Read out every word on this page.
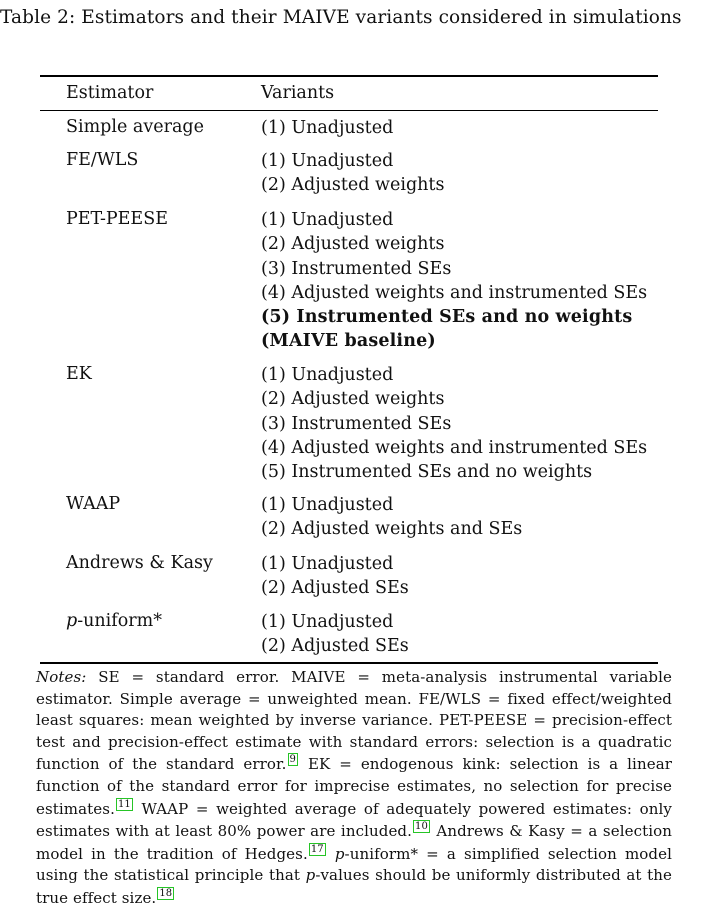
Table 2: Estimators and their MAIVE variants considered in simulations
Estimator	Variants
Simple average	(1) Unadjusted
FE/WLS	(1) Unadjusted
(2) Adjusted weights
PET-PEESE	(1) Unadjusted
(2) Adjusted weights
(3) Instrumented SEs
(4) Adjusted weights and instrumented SEs
(5) Instrumented SEs and no weights
(MAIVE baseline)
EK	(1) Unadjusted
(2) Adjusted weights
(3) Instrumented SEs
(4) Adjusted weights and instrumented SEs
(5) Instrumented SEs and no weights
WAAP	(1) Unadjusted
(2) Adjusted weights and SEs
Andrews & Kasy	(1) Unadjusted
(2) Adjusted SEs
p-uniform*	(1) Unadjusted
(2) Adjusted SEs
Notes: SE = standard error. MAIVE = meta-analysis instrumental variable estimator. Simple average = unweighted mean. FE/WLS = fixed effect/weighted least squares: mean weighted by inverse variance. PET-PEESE = precision-effect test and precision-effect estimate with standard errors: selection is a quadratic function of the standard error. 9 EK = endogenous kink: selection is a linear function of the standard error for imprecise estimates, no selection for precise estimates. 11 WAAP = weighted average of adequately powered estimates: only estimates with at least 80% power are included. 10 Andrews & Kasy = a selection model in the tradition of Hedges. 17 p-uniform* = a simplified selection model using the statistical principle that p-values should be uniformly distributed at the true effect size. 18
